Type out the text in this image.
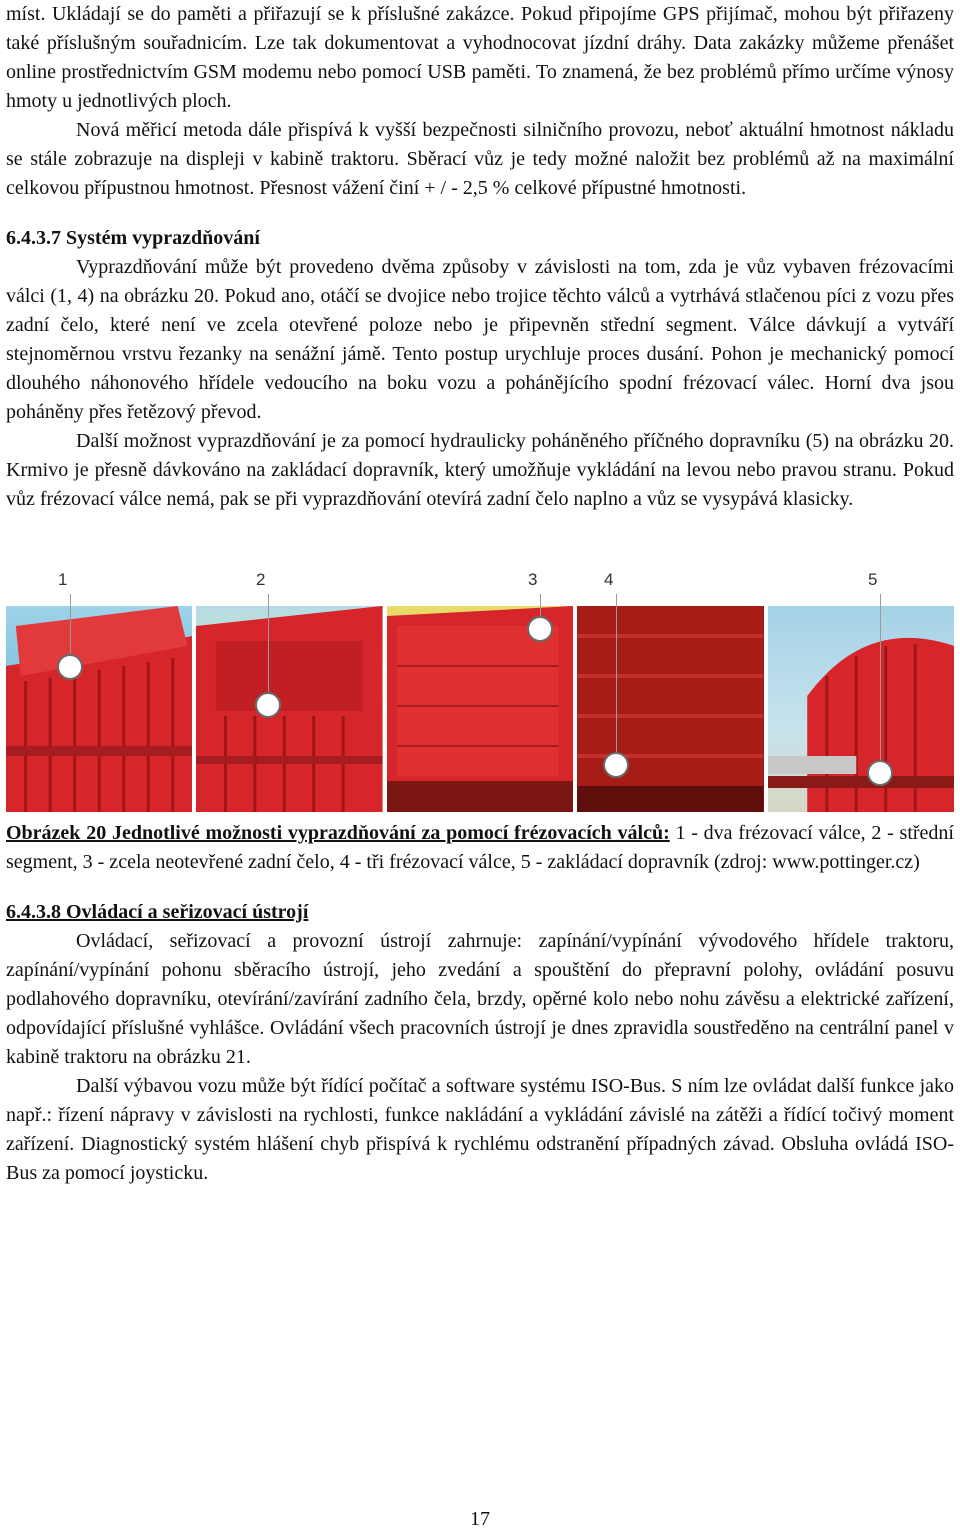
míst. Ukládají se do paměti a přiřazují se k příslušné zakázce. Pokud připojíme GPS přijímač, mohou být přiřazeny také příslušným souřadnicím. Lze tak dokumentovat a vyhodnocovat jízdní dráhy. Data zakázky můžeme přenášet online prostřednictvím GSM modemu nebo pomocí USB paměti. To znamená, že bez problémů přímo určíme výnosy hmoty u jednotlivých ploch.

Nová měřicí metoda dále přispívá k vyšší bezpečnosti silničního provozu, neboť aktuální hmotnost nákladu se stále zobrazuje na displeji v kabině traktoru. Sběrací vůz je tedy možné naložit bez problémů až na maximální celkovou přípustnou hmotnost. Přesnost vážení činí + / - 2,5 % celkové přípustné hmotnosti.

6.4.3.7 Systém vyprazdňování

Vyprazdňování může být provedeno dvěma způsoby v závislosti na tom, zda je vůz vybaven frézovacími válci (1, 4) na obrázku 20. Pokud ano, otáčí se dvojice nebo trojice těchto válců a vytrhává stlačenou píci z vozu přes zadní čelo, které není ve zcela otevřené poloze nebo je připevněn střední segment. Válce dávkují a vytváří stejnoměrnou vrstvu řezanky na senážní jámě. Tento postup urychluje proces dusání. Pohon je mechanický pomocí dlouhého náhonového hřídele vedoucího na boku vozu a pohánějícího spodní frézovací válec. Horní dva jsou poháněny přes řetězový převod.

Další možnost vyprazdňování je za pomocí hydraulicky poháněného příčného dopravníku (5) na obrázku 20. Krmivo je přesně dávkováno na zakládací dopravník, který umožňuje vykládání na levou nebo pravou stranu. Pokud vůz frézovací válce nemá, pak se při vyprazdňování otevírá zadní čelo naplno a vůz se vysypává klasicky.

1	2	3	4	5

Obrázek 20 Jednotlivé možnosti vyprazdňování za pomocí frézovacích válců: 1 - dva frézovací válce, 2 - střední segment, 3 - zcela neotevřené zadní čelo, 4 - tři frézovací válce, 5 - zakládací dopravník (zdroj: www.pottinger.cz)

6.4.3.8 Ovládací a seřizovací ústrojí

Ovládací, seřizovací a provozní ústrojí zahrnuje: zapínání/vypínání vývodového hřídele traktoru, zapínání/vypínání pohonu sběracího ústrojí, jeho zvedání a spouštění do přepravní polohy, ovládání posuvu podlahového dopravníku, otevírání/zavírání zadního čela, brzdy, opěrné kolo nebo nohu závěsu a elektrické zařízení, odpovídající příslušné vyhlášce. Ovládání všech pracovních ústrojí je dnes zpravidla soustředěno na centrální panel v kabině traktoru na obrázku 21.

Další výbavou vozu může být řídící počítač a software systému ISO-Bus. S ním lze ovládat další funkce jako např.: řízení nápravy v závislosti na rychlosti, funkce nakládání a vykládání závislé na zátěži a řídící točivý moment zařízení. Diagnostický systém hlášení chyb přispívá k rychlému odstranění případných závad. Obsluha ovládá ISO-Bus za pomocí joysticku.

17
